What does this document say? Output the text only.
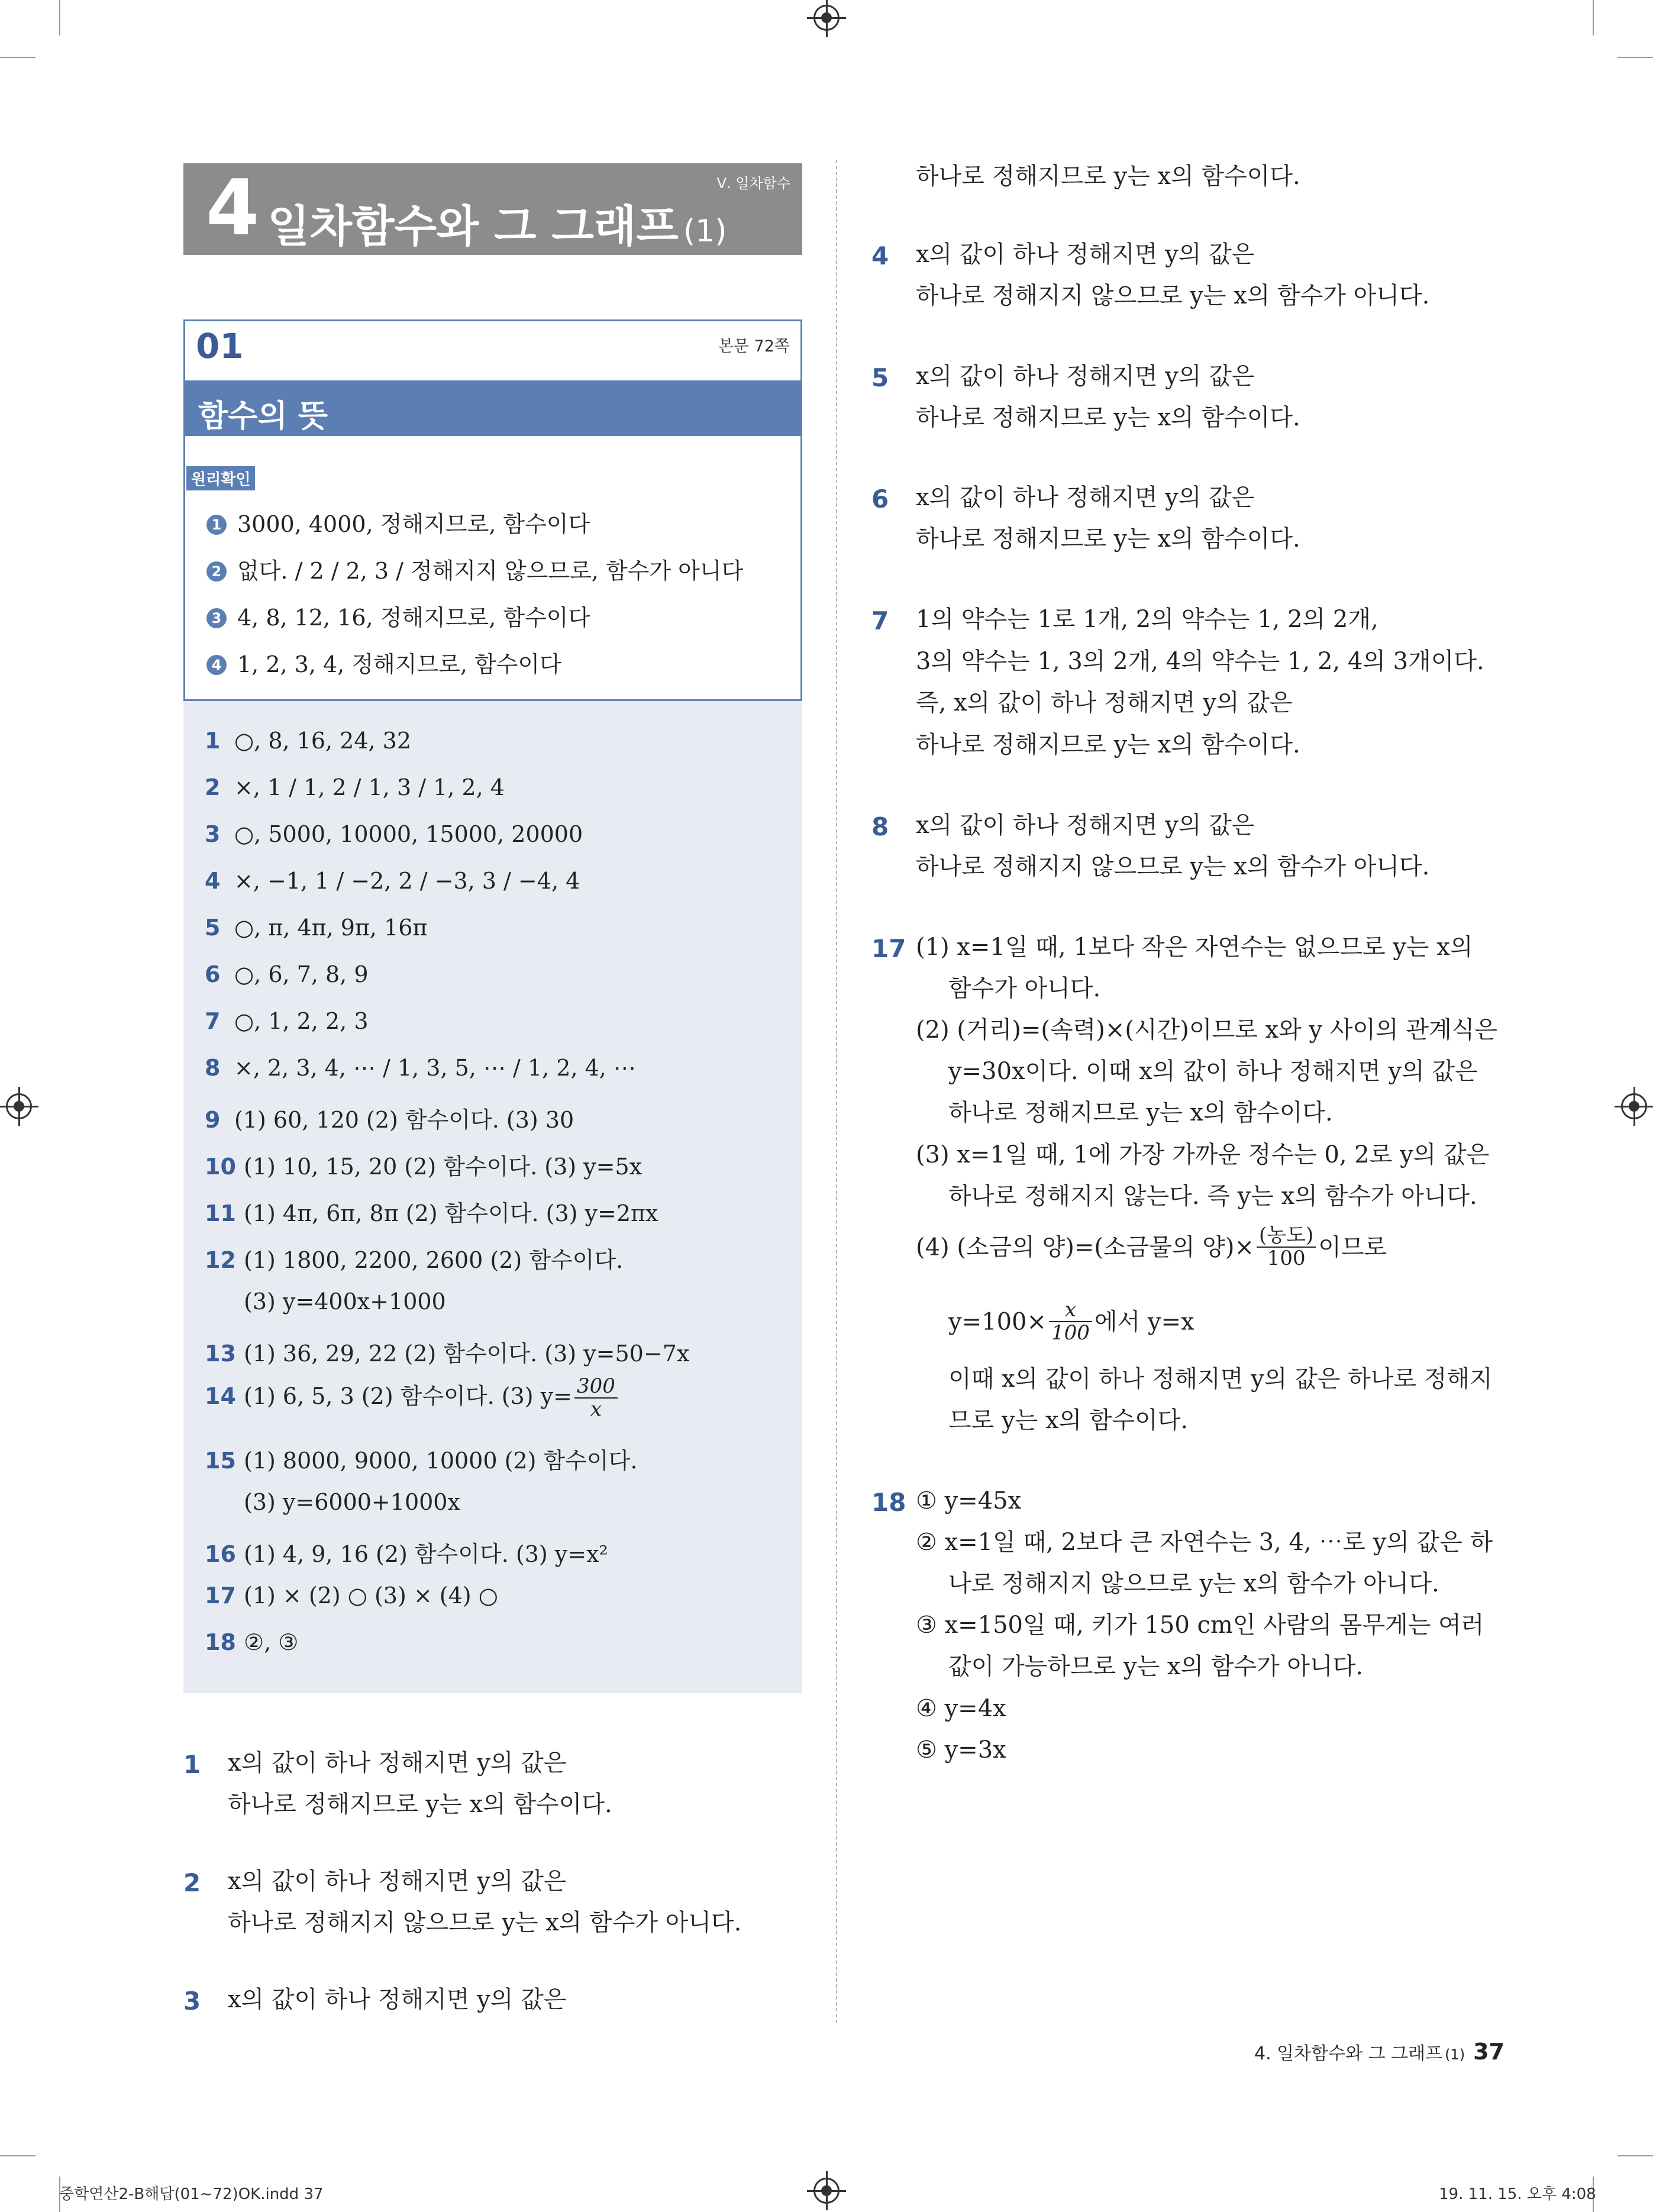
Ⅴ. 일차함수
4 일차함수와 그 그래프 (1)
01	본문 72쪽
함수의 뜻
원리확인
1 3000, 4000, 정해지므로, 함수이다
2 없다. / 2 / 2, 3 / 정해지지 않으므로, 함수가 아니다
3 4, 8, 12, 16, 정해지므로, 함수이다
4 1, 2, 3, 4, 정해지므로, 함수이다
1 ○, 8, 16, 24, 32
2 ×, 1 / 1, 2 / 1, 3 / 1, 2, 4
3 ○, 5000, 10000, 15000, 20000
4 ×, −1, 1 / −2, 2 / −3, 3 / −4, 4
5 ○, π, 4π, 9π, 16π
6 ○, 6, 7, 8, 9
7 ○, 1, 2, 2, 3
8 ×, 2, 3, 4, ⋯ / 1, 3, 5, ⋯ / 1, 2, 4, ⋯
9 (1) 60, 120 (2) 함수이다. (3) 30
10 (1) 10, 15, 20 (2) 함수이다. (3) y=5x
11 (1) 4π, 6π, 8π (2) 함수이다. (3) y=2πx
12 (1) 1800, 2200, 2600 (2) 함수이다.
(3) y=400x+1000
13 (1) 36, 29, 22 (2) 함수이다. (3) y=50−7x
14 (1) 6, 5, 3 (2) 함수이다. (3) $y= \frac{300}{x}$
15 (1) 8000, 9000, 10000 (2) 함수이다.
(3) y=6000+1000x
16 (1) 4, 9, 16 (2) 함수이다. (3) y=x²
17 (1) × (2) ○ (3) × (4) ○
18 ②, ③
1 x의 값이 하나 정해지면 y의 값은
하나로 정해지므로 y는 x의 함수이다.
2 x의 값이 하나 정해지면 y의 값은
하나로 정해지지 않으므로 y는 x의 함수가 아니다.
3 x의 값이 하나 정해지면 y의 값은
하나로 정해지므로 y는 x의 함수이다.
4 x의 값이 하나 정해지면 y의 값은
하나로 정해지지 않으므로 y는 x의 함수가 아니다.
5 x의 값이 하나 정해지면 y의 값은
하나로 정해지므로 y는 x의 함수이다.
6 x의 값이 하나 정해지면 y의 값은
하나로 정해지므로 y는 x의 함수이다.
7 1의 약수는 1로 1개, 2의 약수는 1, 2의 2개,
3의 약수는 1, 3의 2개, 4의 약수는 1, 2, 4의 3개이다.
즉, x의 값이 하나 정해지면 y의 값은
하나로 정해지므로 y는 x의 함수이다.
8 x의 값이 하나 정해지면 y의 값은
하나로 정해지지 않으므로 y는 x의 함수가 아니다.
17 (1) x=1일 때, 1보다 작은 자연수는 없으므로 y는 x의
함수가 아니다.
(2) (거리)=(속력)×(시간)이므로 x와 y 사이의 관계식은
y=30x이다. 이때 x의 값이 하나 정해지면 y의 값은
하나로 정해지므로 y는 x의 함수이다.
(3) x=1일 때, 1에 가장 가까운 정수는 0, 2로 y의 값은
하나로 정해지지 않는다. 즉 y는 x의 함수가 아니다.
(4) (소금의 양)=(소금물의 양)× $\frac{\text{(농도)}}{100}$ 이므로
$y=100\times \frac{x}{100}$ 에서 y=x
이때 x의 값이 하나 정해지면 y의 값은 하나로 정해지
므로 y는 x의 함수이다.
18 ① y=45x
② x=1일 때, 2보다 큰 자연수는 3, 4, ⋯로 y의 값은 하
나로 정해지지 않으므로 y는 x의 함수가 아니다.
③ x=150일 때, 키가 150 cm인 사람의 몸무게는 여러
값이 가능하므로 y는 x의 함수가 아니다.
④ y=4x
⑤ y=3x
4. 일차함수와 그 그래프 (1) 37
중학연산2-B해답(01~72)OK.indd 37	19. 11. 15. 오후 4:08
